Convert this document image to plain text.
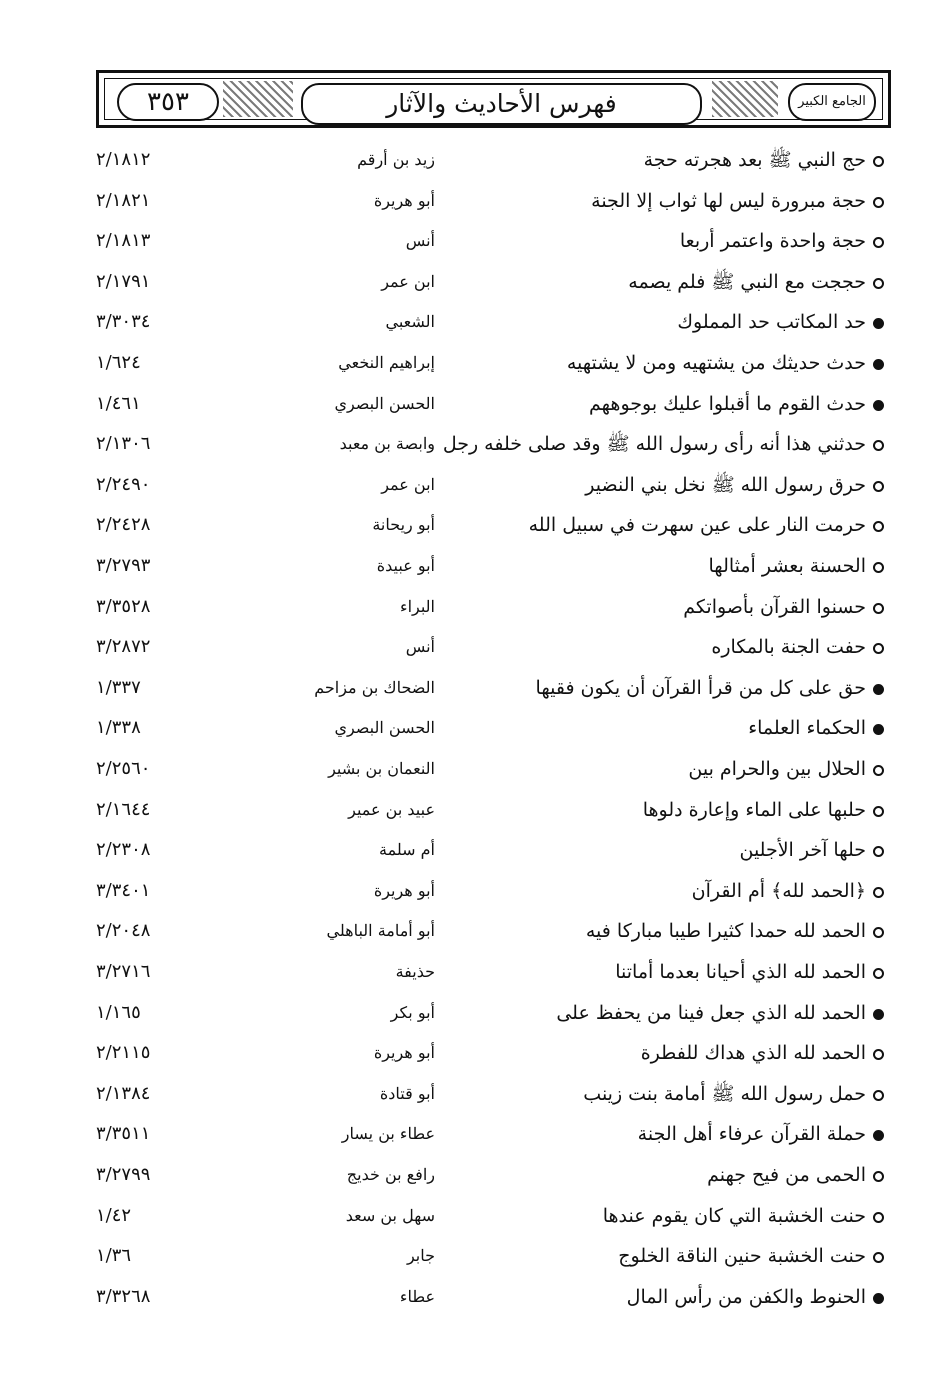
٣٥٣	فهرس الأحاديث والآثار	الجامع الكبير
حج النبي ﷺ بعد هجرته حجة
زيد بن أرقم
٢/١٨١٢
حجة مبرورة ليس لها ثواب إلا الجنة
أبو هريرة
٢/١٨٢١
حجة واحدة واعتمر أربعا
أنس
٢/١٨١٣
حججت مع النبي ﷺ فلم يصمه
ابن عمر
٢/١٧٩١
حد المكاتب حد المملوك
الشعبي
٣/٣٠٣٤
حدث حديثك من يشتهيه ومن لا يشتهيه
إبراهيم النخعي
١/٦٢٤
حدث القوم ما أقبلوا عليك بوجوههم
الحسن البصري
١/٤٦١
حدثني هذا أنه رأى رسول الله ﷺ وقد صلى خلفه رجل
وابصة بن معبد
٢/١٣٠٦
حرق رسول الله ﷺ نخل بني النضير
ابن عمر
٢/٢٤٩٠
حرمت النار على عين سهرت في سبيل الله
أبو ريحانة
٢/٢٤٢٨
الحسنة بعشر أمثالها
أبو عبيدة
٣/٢٧٩٣
حسنوا القرآن بأصواتكم
البراء
٣/٣٥٢٨
حفت الجنة بالمكاره
أنس
٣/٢٨٧٢
حق على كل من قرأ القرآن أن يكون فقيها
الضحاك بن مزاحم
١/٣٣٧
الحكماء العلماء
الحسن البصري
١/٣٣٨
الحلال بين والحرام بين
النعمان بن بشير
٢/٢٥٦٠
حلبها على الماء وإعارة دلوها
عبيد بن عمير
٢/١٦٤٤
حلها آخر الأجلين
أم سلمة
٢/٢٣٠٨
﴿الحمد لله﴾ أم القرآن
أبو هريرة
٣/٣٤٠١
الحمد لله حمدا كثيرا طيبا مباركا فيه
أبو أمامة الباهلي
٢/٢٠٤٨
الحمد لله الذي أحيانا بعدما أماتنا
حذيفة
٣/٢٧١٦
الحمد لله الذي جعل فينا من يحفظ على
أبو بكر
١/١٦٥
الحمد لله الذي هداك للفطرة
أبو هريرة
٢/٢١١٥
حمل رسول الله ﷺ أمامة بنت زينب
أبو قتادة
٢/١٣٨٤
حملة القرآن عرفاء أهل الجنة
عطاء بن يسار
٣/٣٥١١
الحمى من فيح جهنم
رافع بن خديج
٣/٢٧٩٩
حنت الخشبة التي كان يقوم عندها
سهل بن سعد
١/٤٢
حنت الخشبة حنين الناقة الخلوج
جابر
١/٣٦
الحنوط والكفن من رأس المال
عطاء
٣/٣٢٦٨
